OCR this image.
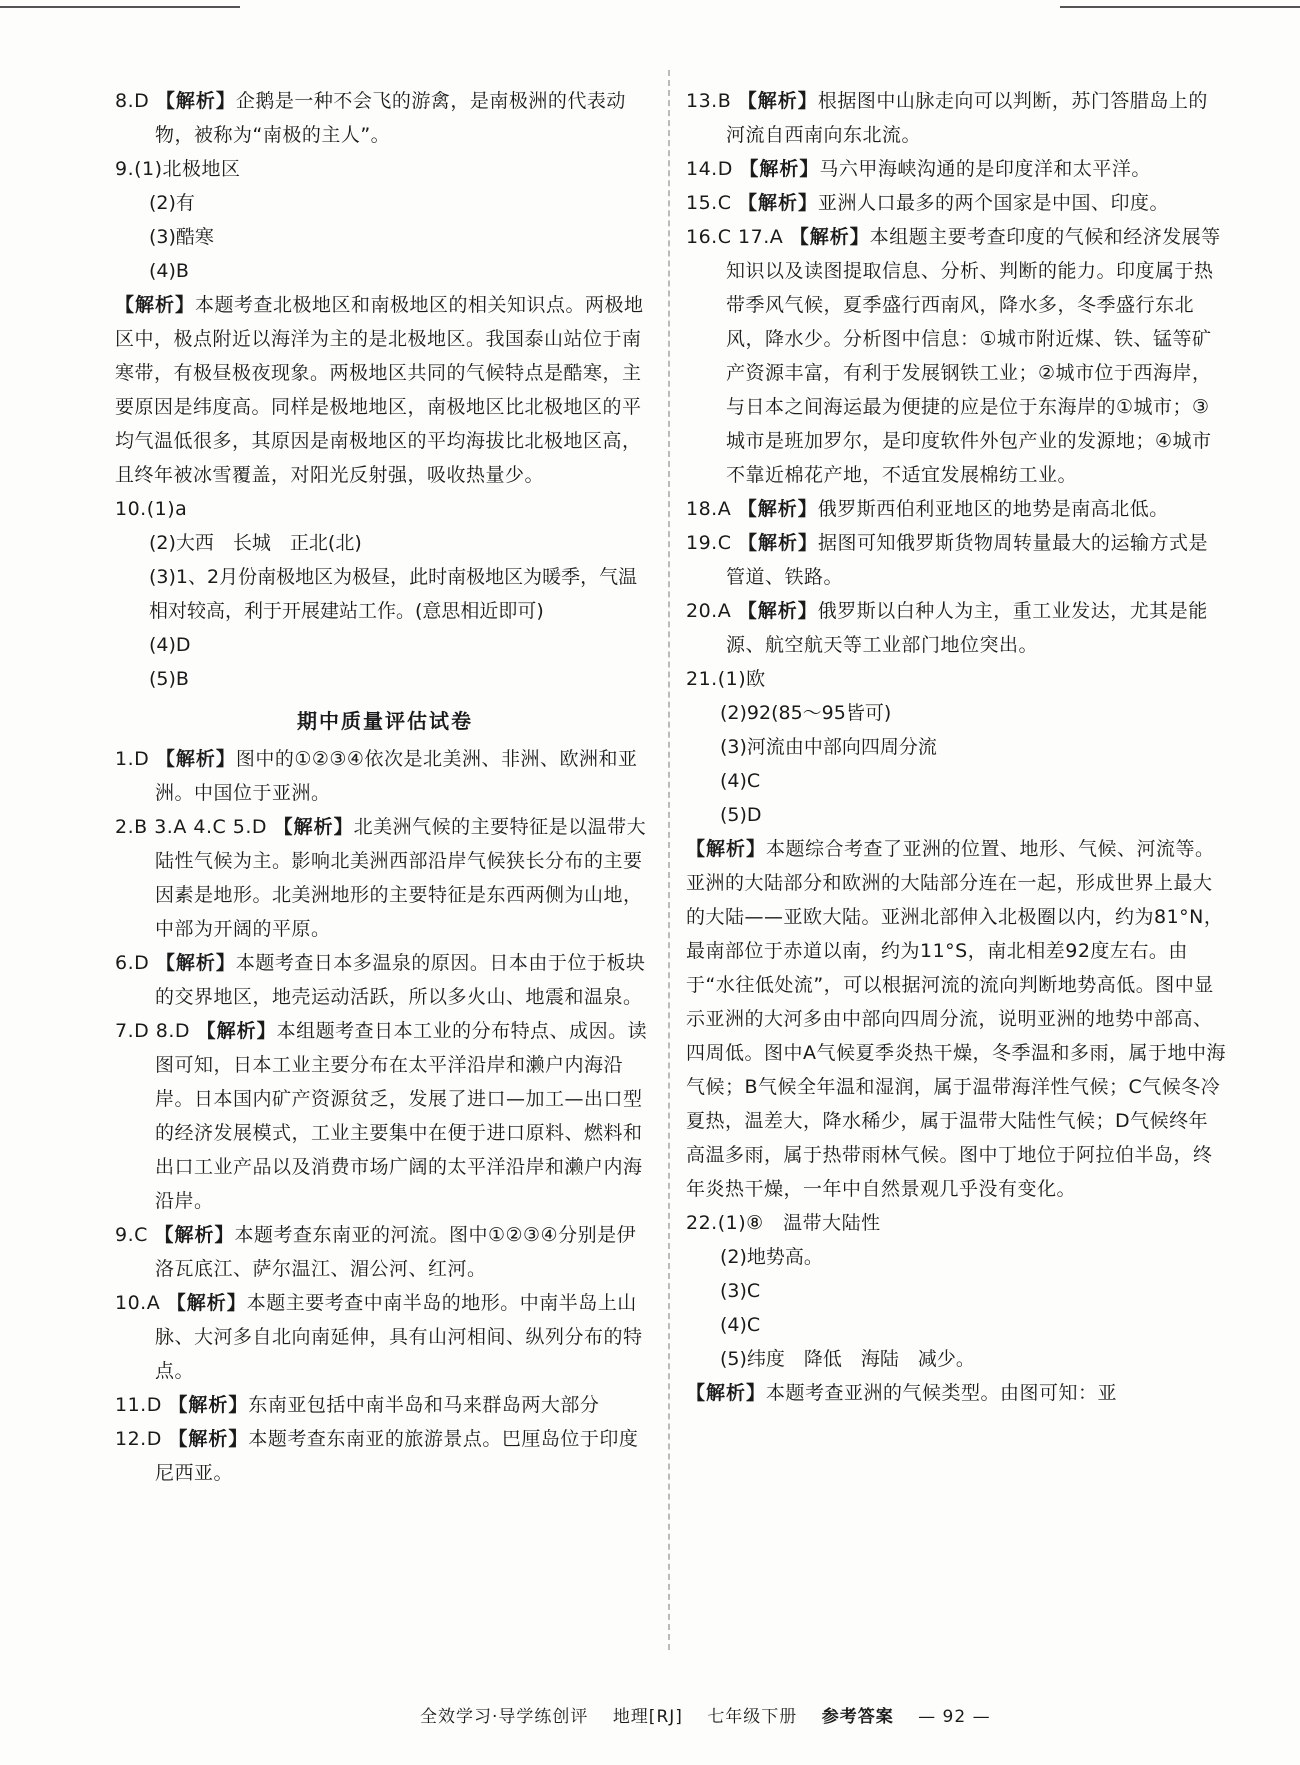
8.D 【解析】企鹅是一种不会飞的游禽，是南极洲的代表动物，被称为“南极的主人”。

9.(1)北极地区

(2)有

(3)酷寒

(4)B

【解析】本题考查北极地区和南极地区的相关知识点。两极地区中，极点附近以海洋为主的是北极地区。我国泰山站位于南寒带，有极昼极夜现象。两极地区共同的气候特点是酷寒，主要原因是纬度高。同样是极地地区，南极地区比北极地区的平均气温低很多，其原因是南极地区的平均海拔比北极地区高，且终年被冰雪覆盖，对阳光反射强，吸收热量少。

10.(1)a

(2)大西　长城　正北(北)

(3)1、2月份南极地区为极昼，此时南极地区为暖季，气温相对较高，利于开展建站工作。(意思相近即可)

(4)D

(5)B

期中质量评估试卷

1.D 【解析】图中的①②③④依次是北美洲、非洲、欧洲和亚洲。中国位于亚洲。

2.B 3.A 4.C 5.D 【解析】北美洲气候的主要特征是以温带大陆性气候为主。影响北美洲西部沿岸气候狭长分布的主要因素是地形。北美洲地形的主要特征是东西两侧为山地，中部为开阔的平原。

6.D 【解析】本题考查日本多温泉的原因。日本由于位于板块的交界地区，地壳运动活跃，所以多火山、地震和温泉。

7.D 8.D 【解析】本组题考查日本工业的分布特点、成因。读图可知，日本工业主要分布在太平洋沿岸和濑户内海沿岸。日本国内矿产资源贫乏，发展了进口—加工—出口型的经济发展模式，工业主要集中在便于进口原料、燃料和出口工业产品以及消费市场广阔的太平洋沿岸和濑户内海沿岸。

9.C 【解析】本题考查东南亚的河流。图中①②③④分别是伊洛瓦底江、萨尔温江、湄公河、红河。

10.A 【解析】本题主要考查中南半岛的地形。中南半岛上山脉、大河多自北向南延伸，具有山河相间、纵列分布的特点。

11.D 【解析】东南亚包括中南半岛和马来群岛两大部分

12.D 【解析】本题考查东南亚的旅游景点。巴厘岛位于印度尼西亚。

13.B 【解析】根据图中山脉走向可以判断，苏门答腊岛上的河流自西南向东北流。

14.D 【解析】马六甲海峡沟通的是印度洋和太平洋。

15.C 【解析】亚洲人口最多的两个国家是中国、印度。

16.C 17.A 【解析】本组题主要考查印度的气候和经济发展等知识以及读图提取信息、分析、判断的能力。印度属于热带季风气候，夏季盛行西南风，降水多，冬季盛行东北风，降水少。分析图中信息：①城市附近煤、铁、锰等矿产资源丰富，有利于发展钢铁工业；②城市位于西海岸，与日本之间海运最为便捷的应是位于东海岸的①城市；③城市是班加罗尔，是印度软件外包产业的发源地；④城市不靠近棉花产地，不适宜发展棉纺工业。

18.A 【解析】俄罗斯西伯利亚地区的地势是南高北低。

19.C 【解析】据图可知俄罗斯货物周转量最大的运输方式是管道、铁路。

20.A 【解析】俄罗斯以白种人为主，重工业发达，尤其是能源、航空航天等工业部门地位突出。

21.(1)欧

(2)92(85～95皆可)

(3)河流由中部向四周分流

(4)C

(5)D

【解析】本题综合考查了亚洲的位置、地形、气候、河流等。亚洲的大陆部分和欧洲的大陆部分连在一起，形成世界上最大的大陆——亚欧大陆。亚洲北部伸入北极圈以内，约为81°N，最南部位于赤道以南，约为11°S，南北相差92度左右。由于“水往低处流”，可以根据河流的流向判断地势高低。图中显示亚洲的大河多由中部向四周分流，说明亚洲的地势中部高、四周低。图中A气候夏季炎热干燥，冬季温和多雨，属于地中海气候；B气候全年温和湿润，属于温带海洋性气候；C气候冬冷夏热，温差大，降水稀少，属于温带大陆性气候；D气候终年高温多雨，属于热带雨林气候。图中丁地位于阿拉伯半岛，终年炎热干燥，一年中自然景观几乎没有变化。

22.(1)⑧　温带大陆性

(2)地势高。

(3)C

(4)C

(5)纬度　降低　海陆　减少。

【解析】本题考查亚洲的气候类型。由图可知：亚

全效学习·导学练创评 地理[RJ] 七年级下册 参考答案 — 92 —
